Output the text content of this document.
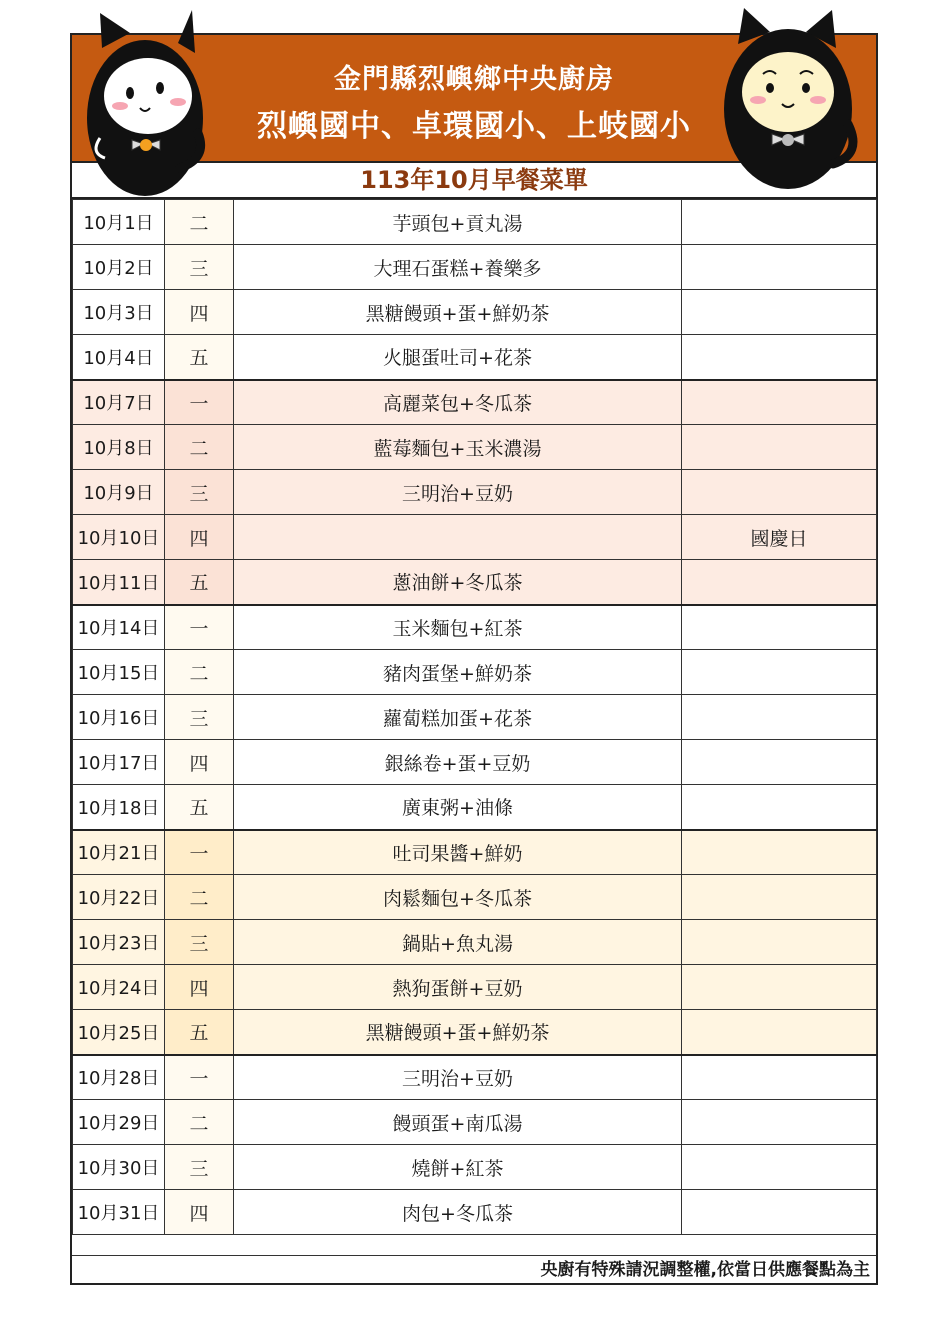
金門縣烈嶼鄉中央廚房
烈嶼國中、卓環國小、上岐國小
113年10月早餐菜單
10月1日	二	芋頭包+貢丸湯	
10月2日	三	大理石蛋糕+養樂多	
10月3日	四	黑糖饅頭+蛋+鮮奶茶	
10月4日	五	火腿蛋吐司+花茶	
10月7日	一	高麗菜包+冬瓜茶	
10月8日	二	藍莓麵包+玉米濃湯	
10月9日	三	三明治+豆奶	
10月10日	四		國慶日
10月11日	五	蔥油餅+冬瓜茶	
10月14日	一	玉米麵包+紅茶	
10月15日	二	豬肉蛋堡+鮮奶茶	
10月16日	三	蘿蔔糕加蛋+花茶	
10月17日	四	銀絲卷+蛋+豆奶	
10月18日	五	廣東粥+油條	
10月21日	一	吐司果醬+鮮奶	
10月22日	二	肉鬆麵包+冬瓜茶	
10月23日	三	鍋貼+魚丸湯	
10月24日	四	熱狗蛋餅+豆奶	
10月25日	五	黑糖饅頭+蛋+鮮奶茶	
10月28日	一	三明治+豆奶	
10月29日	二	饅頭蛋+南瓜湯	
10月30日	三	燒餅+紅茶	
10月31日	四	肉包+冬瓜茶	
央廚有特殊請況調整權,依當日供應餐點為主
